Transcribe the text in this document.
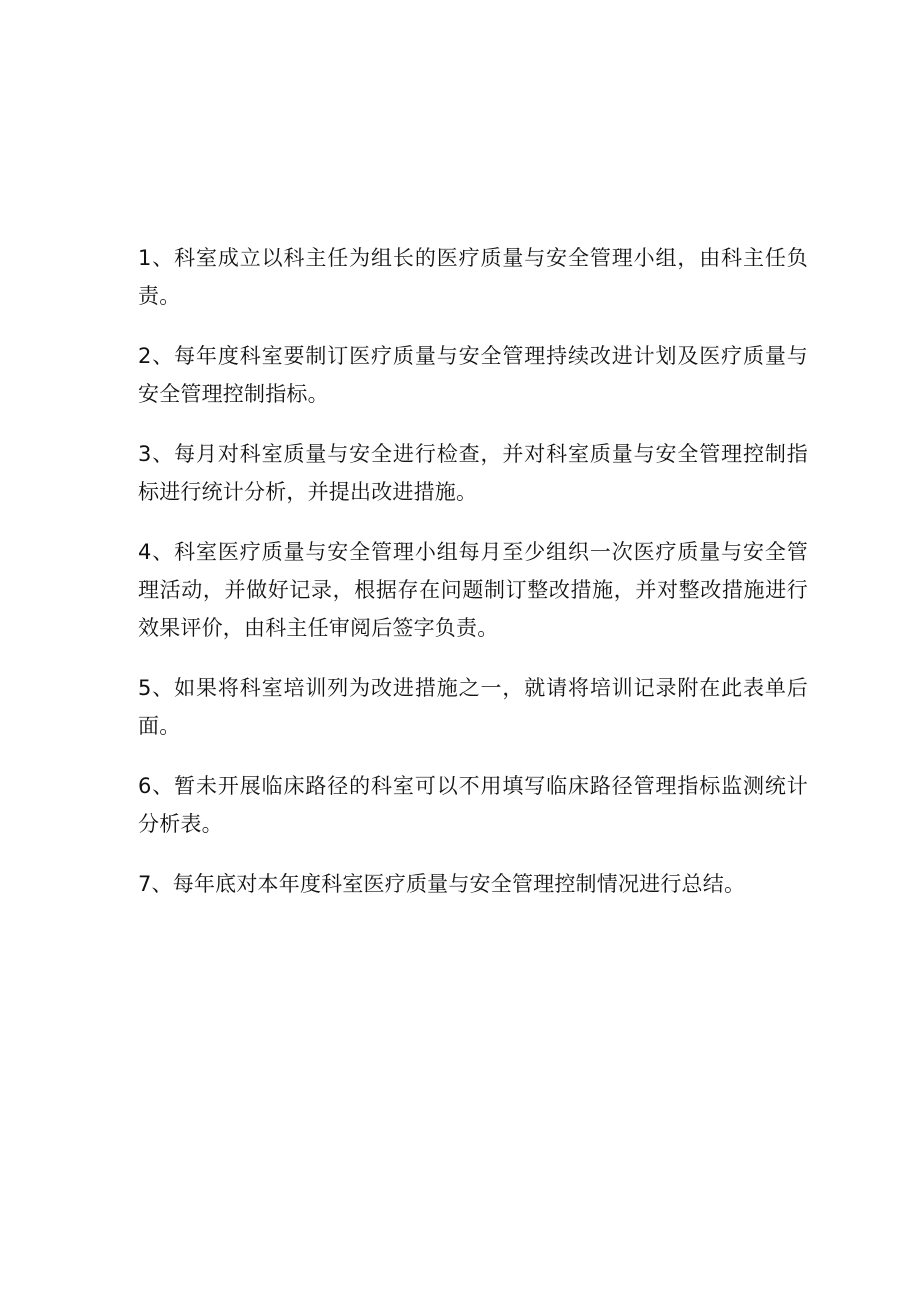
1、科室成立以科主任为组长的医疗质量与安全管理小组，由科主任负责。

2、每年度科室要制订医疗质量与安全管理持续改进计划及医疗质量与安全管理控制指标。

3、每月对科室质量与安全进行检查，并对科室质量与安全管理控制指标进行统计分析，并提出改进措施。

4、科室医疗质量与安全管理小组每月至少组织一次医疗质量与安全管理活动，并做好记录，根据存在问题制订整改措施，并对整改措施进行效果评价，由科主任审阅后签字负责。

5、如果将科室培训列为改进措施之一，就请将培训记录附在此表单后面。

6、暂未开展临床路径的科室可以不用填写临床路径管理指标监测统计分析表。

7、每年底对本年度科室医疗质量与安全管理控制情况进行总结。
